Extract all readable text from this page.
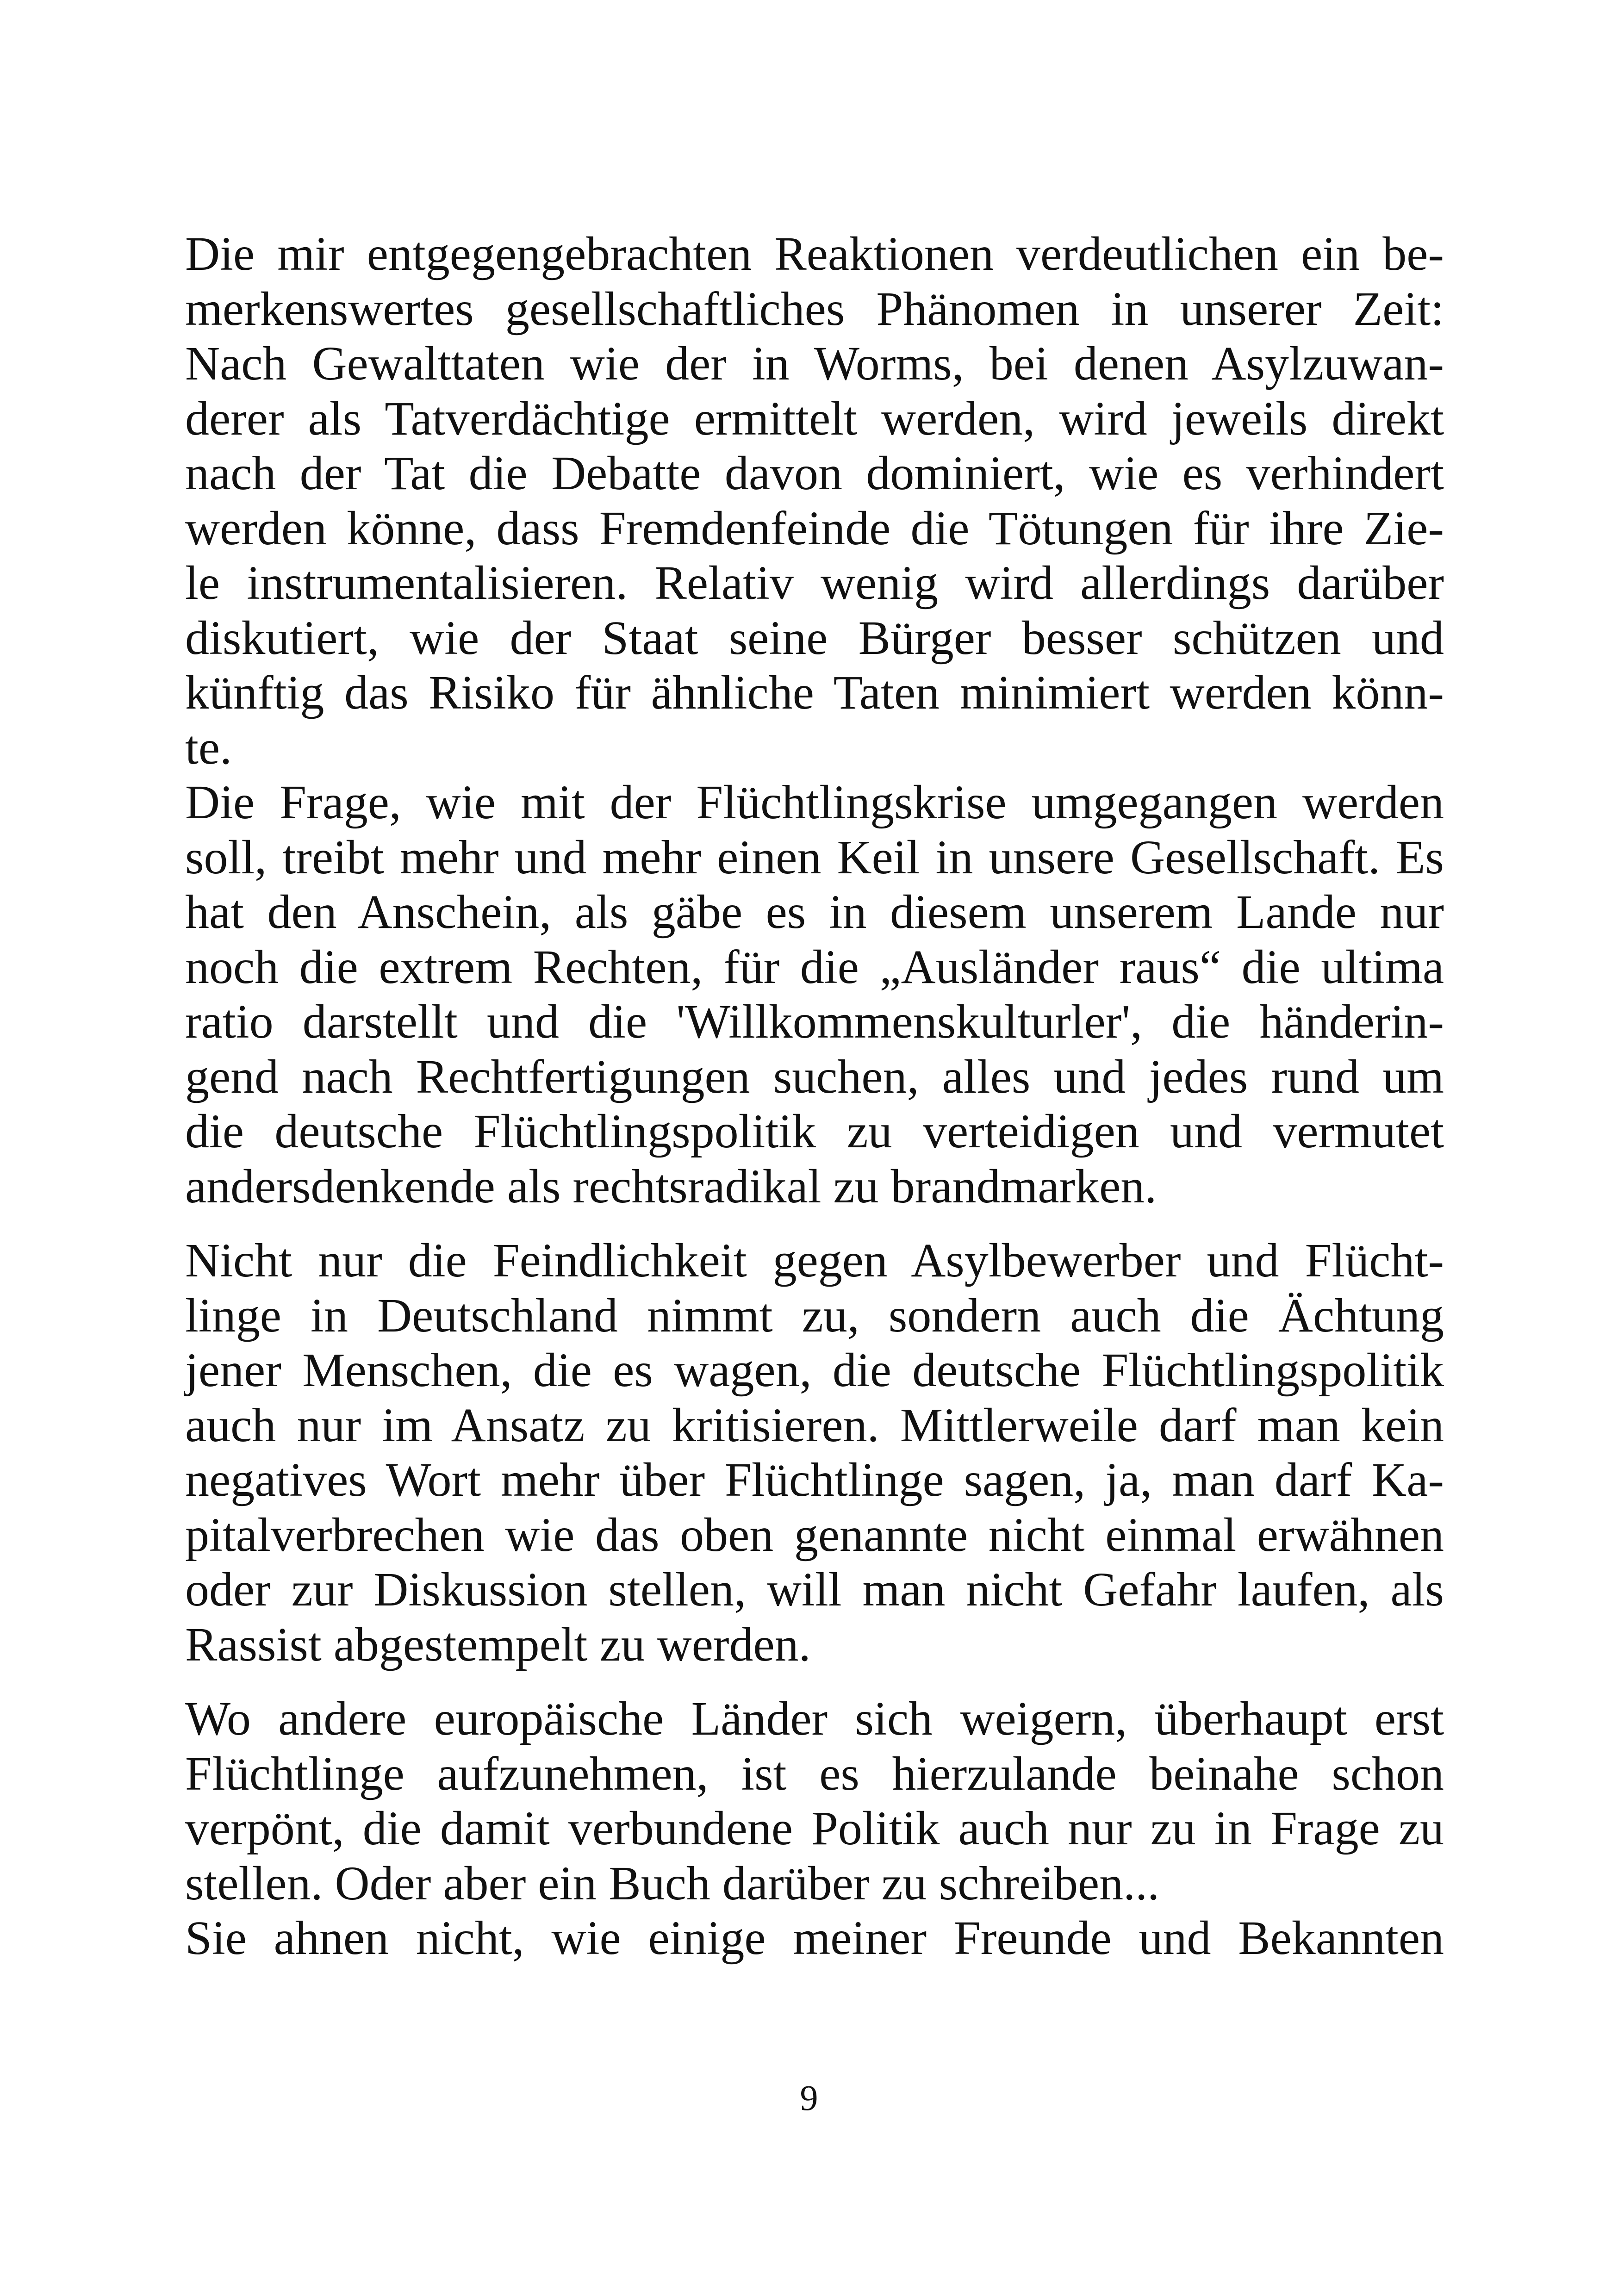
Die mir entgegengebrachten Reaktionen verdeutlichen ein be-
merkenswertes gesellschaftliches Phänomen in unserer Zeit:
Nach Gewalttaten wie der in Worms, bei denen Asylzuwan-
derer als Tatverdächtige ermittelt werden, wird jeweils direkt
nach der Tat die Debatte davon dominiert, wie es verhindert
werden könne, dass Fremdenfeinde die Tötungen für ihre Zie-
le instrumentalisieren. Relativ wenig wird allerdings darüber
diskutiert, wie der Staat seine Bürger besser schützen und
künftig das Risiko für ähnliche Taten minimiert werden könn-
te.

Die Frage, wie mit der Flüchtlingskrise umgegangen werden
soll, treibt mehr und mehr einen Keil in unsere Gesellschaft. Es
hat den Anschein, als gäbe es in diesem unserem Lande nur
noch die extrem Rechten, für die „Ausländer raus“ die ultima
ratio darstellt und die 'Willkommenskulturler', die händerin-
gend nach Rechtfertigungen suchen, alles und jedes rund um
die deutsche Flüchtlingspolitik zu verteidigen und vermutet
andersdenkende als rechtsradikal zu brandmarken.

Nicht nur die Feindlichkeit gegen Asylbewerber und Flücht-
linge in Deutschland nimmt zu, sondern auch die Ächtung
jener Menschen, die es wagen, die deutsche Flüchtlingspolitik
auch nur im Ansatz zu kritisieren. Mittlerweile darf man kein
negatives Wort mehr über Flüchtlinge sagen, ja, man darf Ka-
pitalverbrechen wie das oben genannte nicht einmal erwähnen
oder zur Diskussion stellen, will man nicht Gefahr laufen, als
Rassist abgestempelt zu werden.

Wo andere europäische Länder sich weigern, überhaupt erst
Flüchtlinge aufzunehmen, ist es hierzulande beinahe schon
verpönt, die damit verbundene Politik auch nur zu in Frage zu
stellen. Oder aber ein Buch darüber zu schreiben...

Sie ahnen nicht, wie einige meiner Freunde und Bekannten

9
